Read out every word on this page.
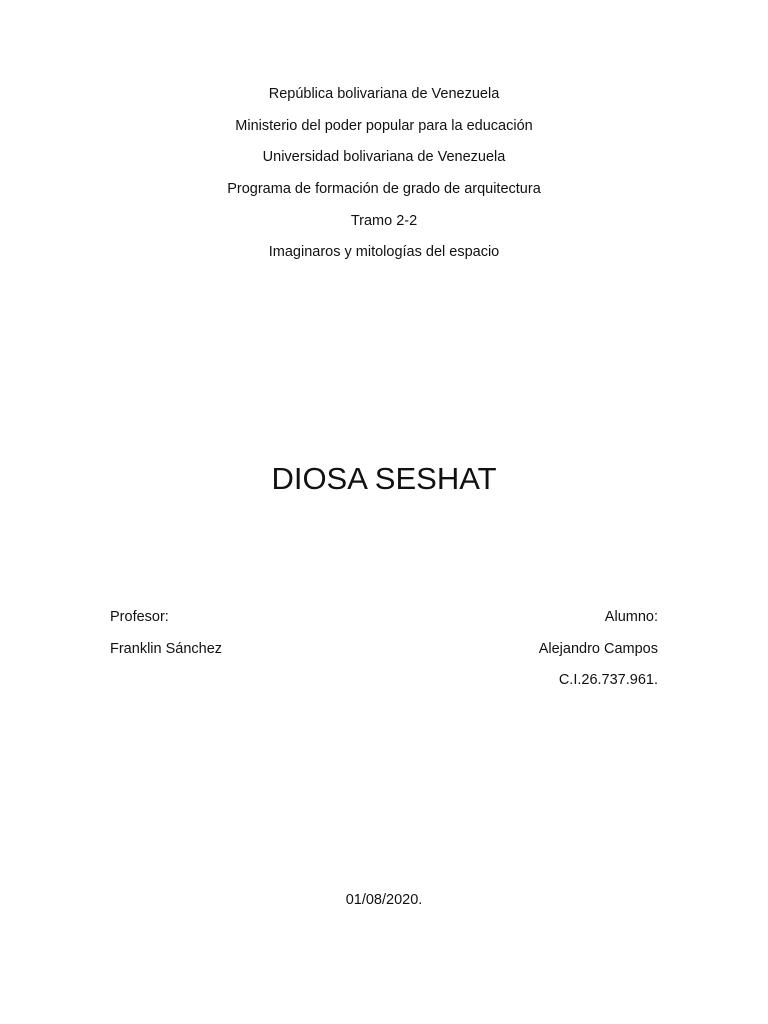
República bolivariana de Venezuela
Ministerio del poder popular para la educación
Universidad bolivariana de Venezuela
Programa de formación de grado de arquitectura
Tramo 2-2
Imaginaros y mitologías del espacio
DIOSA SESHAT
Profesor:
Franklin Sánchez
Alumno:
Alejandro Campos
C.I.26.737.961.
01/08/2020.
